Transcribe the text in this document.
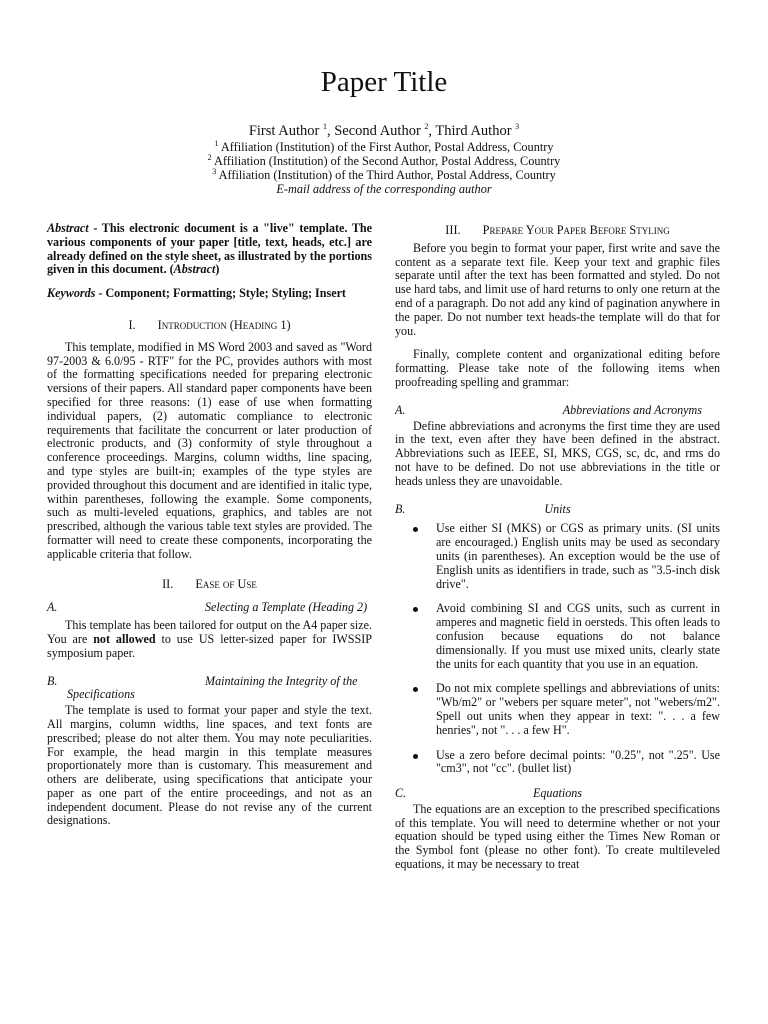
Paper Title
First Author $^1$, Second Author $^2$, Third Author $^3$
$^1$ Affiliation (Institution) of the First Author, Postal Address, Country
$^2$ Affiliation (Institution) of the Second Author, Postal Address, Country
$^3$ Affiliation (Institution) of the Third Author, Postal Address, Country
E-mail address of the corresponding author

Abstract - This electronic document is a "live" template. The various components of your paper [title, text, heads, etc.] are already defined on the style sheet, as illustrated by the portions given in this document. (Abstract)

Keywords - Component; Formatting; Style; Styling; Insert

I. Introduction (Heading 1)

This template, modified in MS Word 2003 and saved as "Word 97-2003 & 6.0/95 - RTF" for the PC, provides authors with most of the formatting specifications needed for preparing electronic versions of their papers. All standard paper components have been specified for three reasons: (1) ease of use when formatting individual papers, (2) automatic compliance to electronic requirements that facilitate the concurrent or later production of electronic products, and (3) conformity of style throughout a conference proceedings. Margins, column widths, line spacing, and type styles are built-in; examples of the type styles are provided throughout this document and are identified in italic type, within parentheses, following the example. Some components, such as multi-leveled equations, graphics, and tables are not prescribed, although the various table text styles are provided. The formatter will need to create these components, incorporating the applicable criteria that follow.

II. Ease of Use
A.	Selecting a Template (Heading 2)

This template has been tailored for output on the A4 paper size. You are not allowed to use US letter-sized paper for IWSSIP symposium paper.

B.	Maintaining the Integrity of the Specifications

The template is used to format your paper and style the text. All margins, column widths, line spaces, and text fonts are prescribed; please do not alter them. You may note peculiarities. For example, the head margin in this template measures proportionately more than is customary. This measurement and others are deliberate, using specifications that anticipate your paper as one part of the entire proceedings, and not as an independent document. Please do not revise any of the current designations.

III. Prepare Your Paper Before Styling

Before you begin to format your paper, first write and save the content as a separate text file. Keep your text and graphic files separate until after the text has been formatted and styled. Do not use hard tabs, and limit use of hard returns to only one return at the end of a paragraph. Do not add any kind of pagination anywhere in the paper. Do not number text heads-the template will do that for you.

Finally, complete content and organizational editing before formatting. Please take note of the following items when proofreading spelling and grammar:

A.	Abbreviations and Acronyms

Define abbreviations and acronyms the first time they are used in the text, even after they have been defined in the abstract. Abbreviations such as IEEE, SI, MKS, CGS, sc, dc, and rms do not have to be defined. Do not use abbreviations in the title or heads unless they are unavoidable.

B.	Units
Use either SI (MKS) or CGS as primary units. (SI units are encouraged.) English units may be used as secondary units (in parentheses). An exception would be the use of English units as identifiers in trade, such as "3.5-inch disk drive".
Avoid combining SI and CGS units, such as current in amperes and magnetic field in oersteds. This often leads to confusion because equations do not balance dimensionally. If you must use mixed units, clearly state the units for each quantity that you use in an equation.
Do not mix complete spellings and abbreviations of units: "Wb/m2" or "webers per square meter", not "webers/m2". Spell out units when they appear in text: ". . . a few henries", not ". . . a few H".
Use a zero before decimal points: "0.25", not ".25". Use "cm3", not "cc". (bullet list)
C.	Equations

The equations are an exception to the prescribed specifications of this template. You will need to determine whether or not your equation should be typed using either the Times New Roman or the Symbol font (please no other font). To create multileveled equations, it may be necessary to treat
